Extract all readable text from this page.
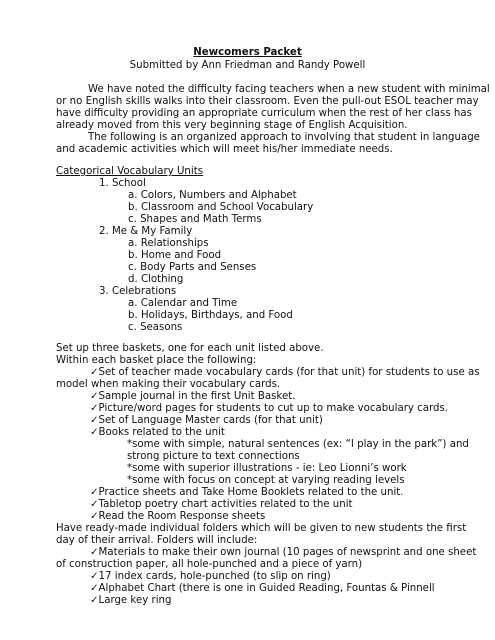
Newcomers Packet
Submitted by Ann Friedman and Randy Powell
We have noted the difficulty facing teachers when a new student with minimal
or no English skills walks into their classroom. Even the pull-out ESOL teacher may
have difficulty providing an appropriate curriculum when the rest of her class has
already moved from this very beginning stage of English Acquisition.
The following is an organized approach to involving that student in language
and academic activities which will meet his/her immediate needs.
Categorical Vocabulary Units
1. School
a. Colors, Numbers and Alphabet
b. Classroom and School Vocabulary
c. Shapes and Math Terms
2. Me & My Family
a. Relationships
b. Home and Food
c. Body Parts and Senses
d. Clothing
3. Celebrations
a. Calendar and Time
b. Holidays, Birthdays, and Food
c. Seasons
Set up three baskets, one for each unit listed above.
Within each basket place the following:
✓Set of teacher made vocabulary cards (for that unit) for students to use as
model when making their vocabulary cards.
✓Sample journal in the first Unit Basket.
✓Picture/word pages for students to cut up to make vocabulary cards.
✓Set of Language Master cards (for that unit)
✓Books related to the unit
*some with simple, natural sentences (ex: “I play in the park”) and
strong picture to text connections
*some with superior illustrations - ie: Leo Lionni’s work
*some with focus on concept at varying reading levels
✓Practice sheets and Take Home Booklets related to the unit.
✓Tabletop poetry chart activities related to the unit
✓Read the Room Response sheets
Have ready-made individual folders which will be given to new students the first
day of their arrival. Folders will include:
✓Materials to make their own journal (10 pages of newsprint and one sheet
of construction paper, all hole-punched and a piece of yarn)
✓17 index cards, hole-punched (to slip on ring)
✓Alphabet Chart (there is one in Guided Reading, Fountas & Pinnell
✓Large key ring
